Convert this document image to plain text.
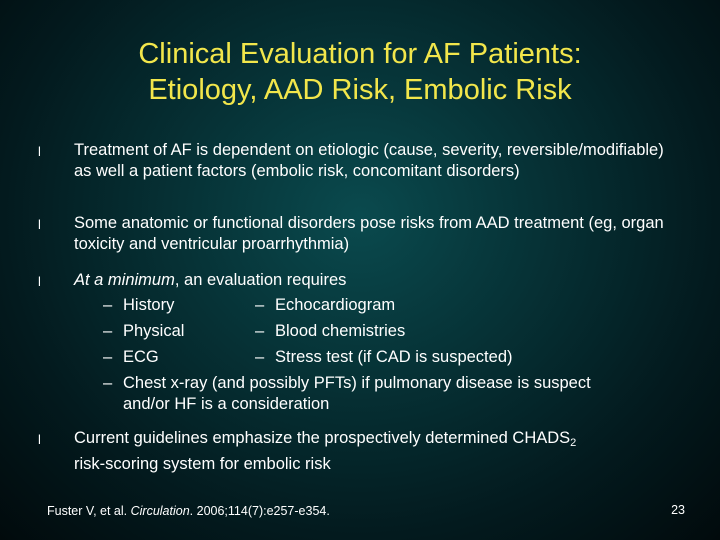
Clinical Evaluation for AF Patients:
Etiology, AAD Risk, Embolic Risk
l Treatment of AF is dependent on etiologic (cause, severity, reversible/modifiable) as well a patient factors (embolic risk, concomitant disorders)
l Some anatomic or functional disorders pose risks from AAD treatment (eg, organ toxicity and ventricular proarrhythmia)
l At a minimum, an evaluation requires
– History	– Echocardiogram
– Physical	– Blood chemistries
– ECG	– Stress test (if CAD is suspected)
– Chest x-ray (and possibly PFTs) if pulmonary disease is suspect
and/or HF is a consideration
l Current guidelines emphasize the prospectively determined $CHADS_2$
risk-scoring system for embolic risk
Fuster V, et al. Circulation. 2006;114(7):e257-e354.	23
